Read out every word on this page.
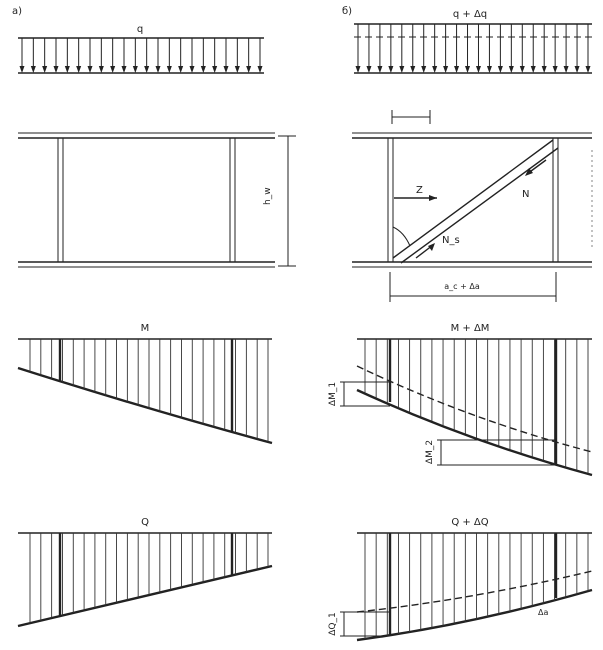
a)
q
h_w
M
Q
б)	q + Δq
Z	N
N_s
a_c + Δa
M + ΔM
ΔM_1
ΔM_2
Q + ΔQ
ΔQ_1	Δa
